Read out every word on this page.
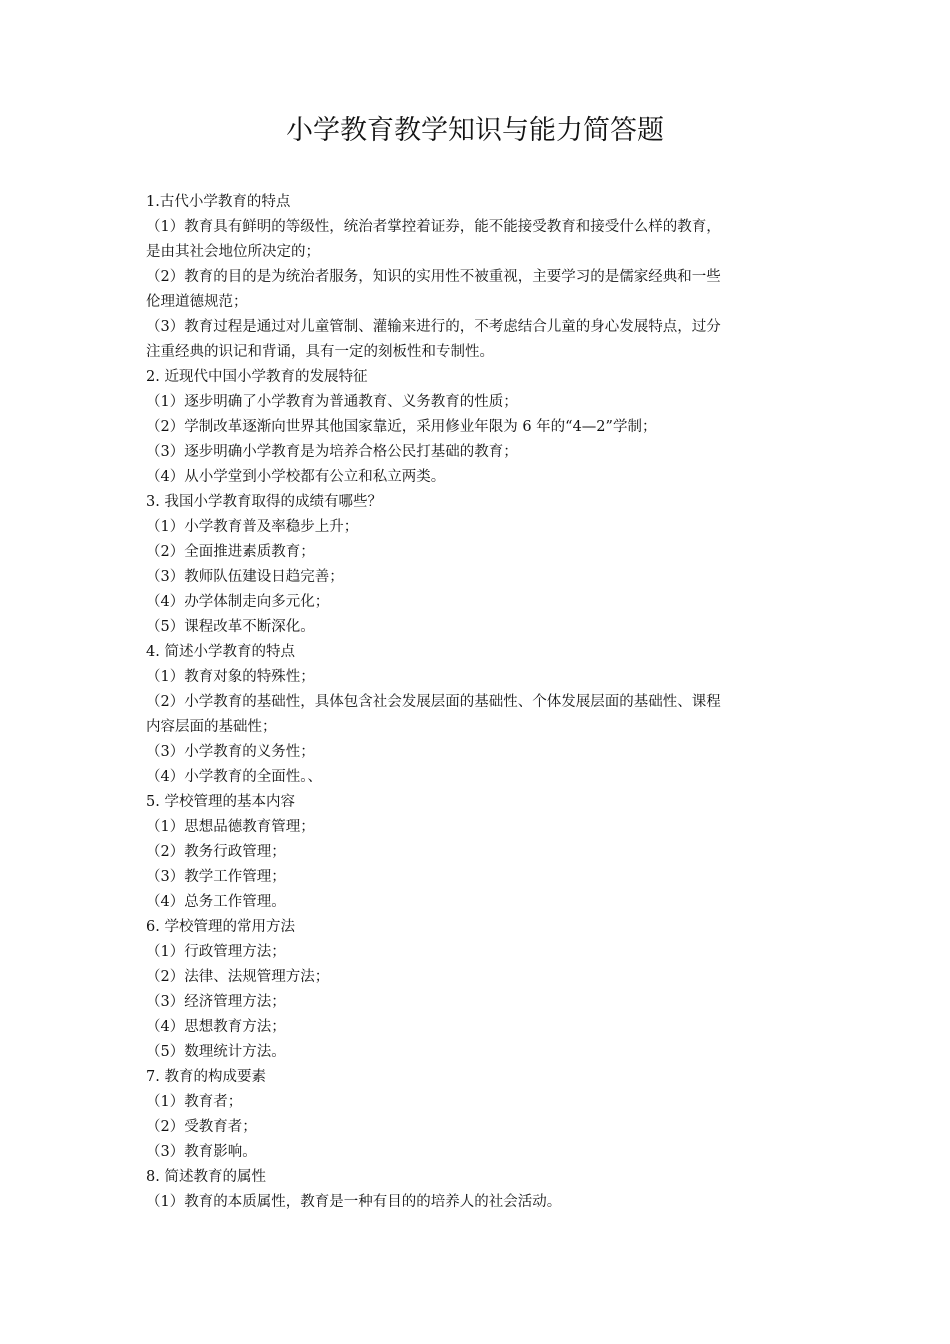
小学教育教学知识与能力简答题
1.古代小学教育的特点
（1）教育具有鲜明的等级性，统治者掌控着证券，能不能接受教育和接受什么样的教育，
是由其社会地位所决定的；
（2）教育的目的是为统治者服务，知识的实用性不被重视，主要学习的是儒家经典和一些
伦理道德规范；
（3）教育过程是通过对儿童管制、灌输来进行的，不考虑结合儿童的身心发展特点，过分
注重经典的识记和背诵，具有一定的刻板性和专制性。
2. 近现代中国小学教育的发展特征
（1）逐步明确了小学教育为普通教育、义务教育的性质；
（2）学制改革逐渐向世界其他国家靠近，采用修业年限为 6 年的“4—2”学制；
（3）逐步明确小学教育是为培养合格公民打基础的教育；
（4）从小学堂到小学校都有公立和私立两类。
3. 我国小学教育取得的成绩有哪些？
（1）小学教育普及率稳步上升；
（2）全面推进素质教育；
（3）教师队伍建设日趋完善；
（4）办学体制走向多元化；
（5）课程改革不断深化。
4. 简述小学教育的特点
（1）教育对象的特殊性；
（2）小学教育的基础性，具体包含社会发展层面的基础性、个体发展层面的基础性、课程
内容层面的基础性；
（3）小学教育的义务性；
（4）小学教育的全面性。、
5. 学校管理的基本内容
（1）思想品德教育管理；
（2）教务行政管理；
（3）教学工作管理；
（4）总务工作管理。
6. 学校管理的常用方法
（1）行政管理方法；
（2）法律、法规管理方法；
（3）经济管理方法；
（4）思想教育方法；
（5）数理统计方法。
7. 教育的构成要素
（1）教育者；
（2）受教育者；
（3）教育影响。
8. 简述教育的属性
（1）教育的本质属性，教育是一种有目的的培养人的社会活动。
